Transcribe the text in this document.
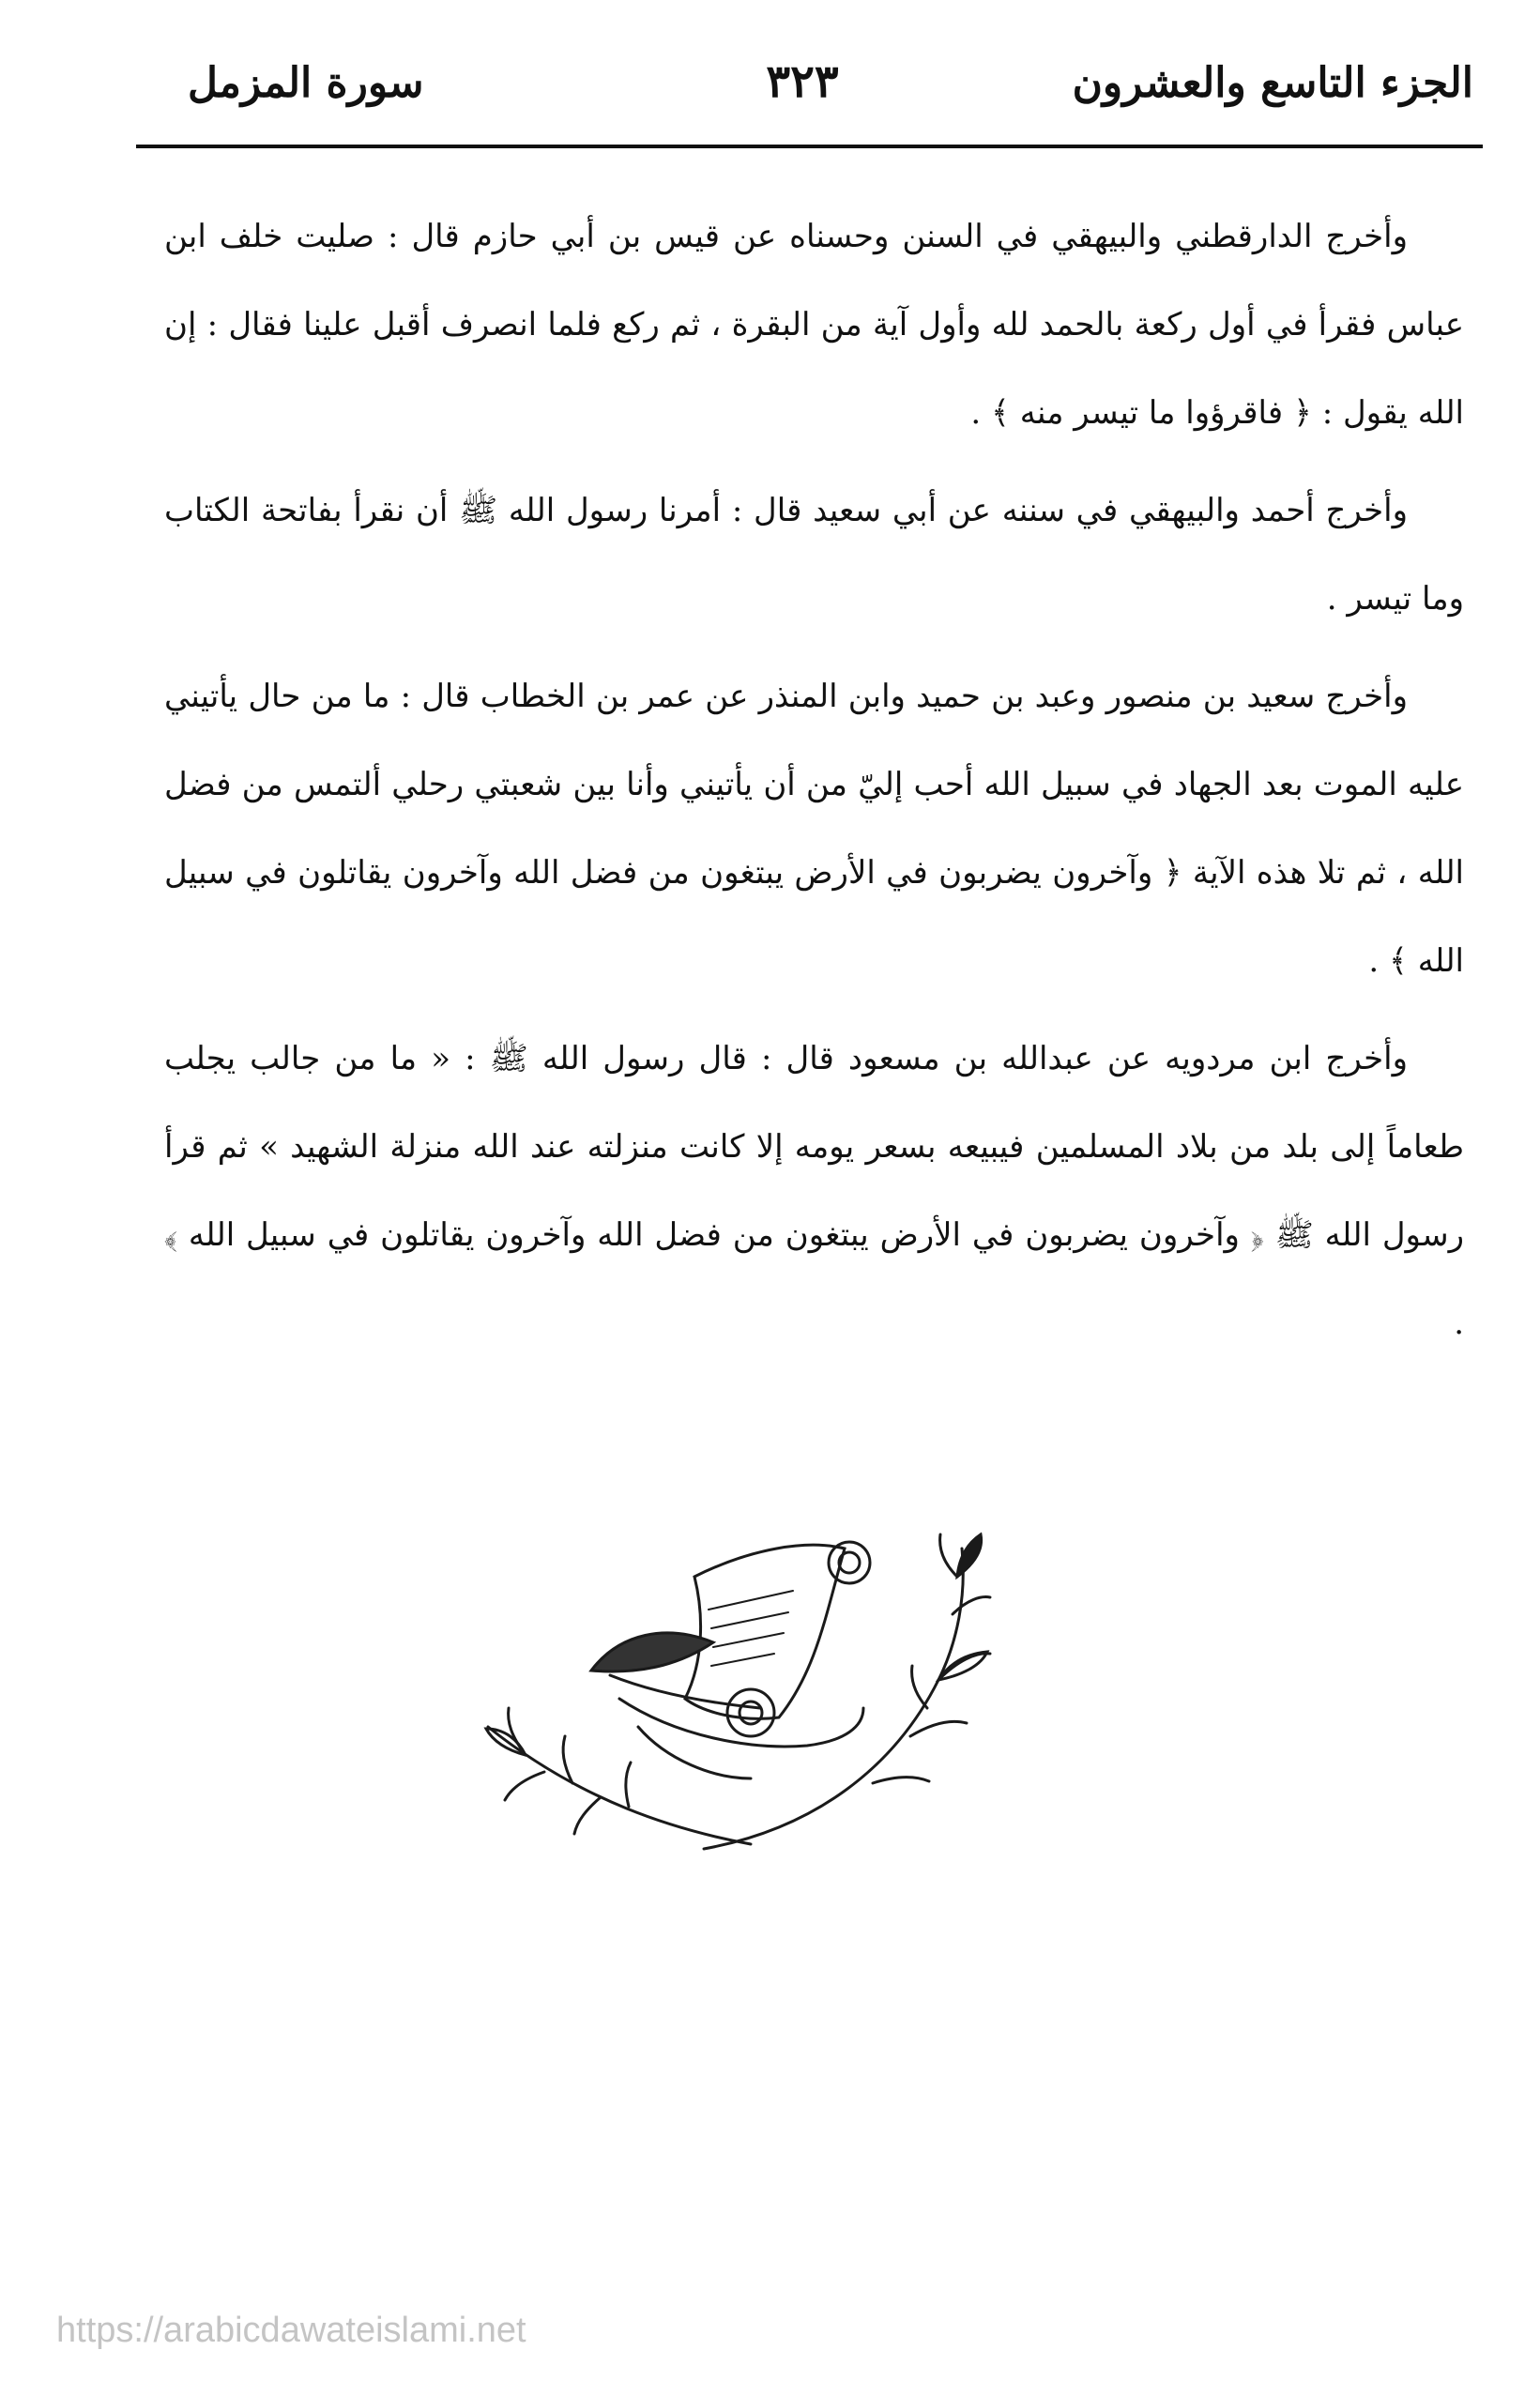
الجزء التاسع والعشرون
٣٢٣
سورة المزمل

وأخرج الدارقطني والبيهقي في السنن وحسناه عن قيس بن أبي حازم قال : صليت خلف ابن عباس فقرأ في أول ركعة بالحمد لله وأول آية من البقرة ، ثم ركع فلما انصرف أقبل علينا فقال : إن الله يقول : ﴿ فاقرؤوا ما تيسر منه ﴾ .

وأخرج أحمد والبيهقي في سننه عن أبي سعيد قال : أمرنا رسول الله ﷺ أن نقرأ بفاتحة الكتاب وما تيسر .

وأخرج سعيد بن منصور وعبد بن حميد وابن المنذر عن عمر بن الخطاب قال : ما من حال يأتيني عليه الموت بعد الجهاد في سبيل الله أحب إليّ من أن يأتيني وأنا بين شعبتي رحلي ألتمس من فضل الله ، ثم تلا هذه الآية ﴿ وآخرون يضربون في الأرض يبتغون من فضل الله وآخرون يقاتلون في سبيل الله ﴾ .

وأخرج ابن مردويه عن عبدالله بن مسعود قال : قال رسول الله ﷺ : « ما من جالب يجلب طعاماً إلى بلد من بلاد المسلمين فيبيعه بسعر يومه إلا كانت منزلته عند الله منزلة الشهيد » ثم قرأ رسول الله ﷺ ﴿ وآخرون يضربون في الأرض يبتغون من فضل الله وآخرون يقاتلون في سبيل الله ﴾ .

https://arabicdawateislami.net
